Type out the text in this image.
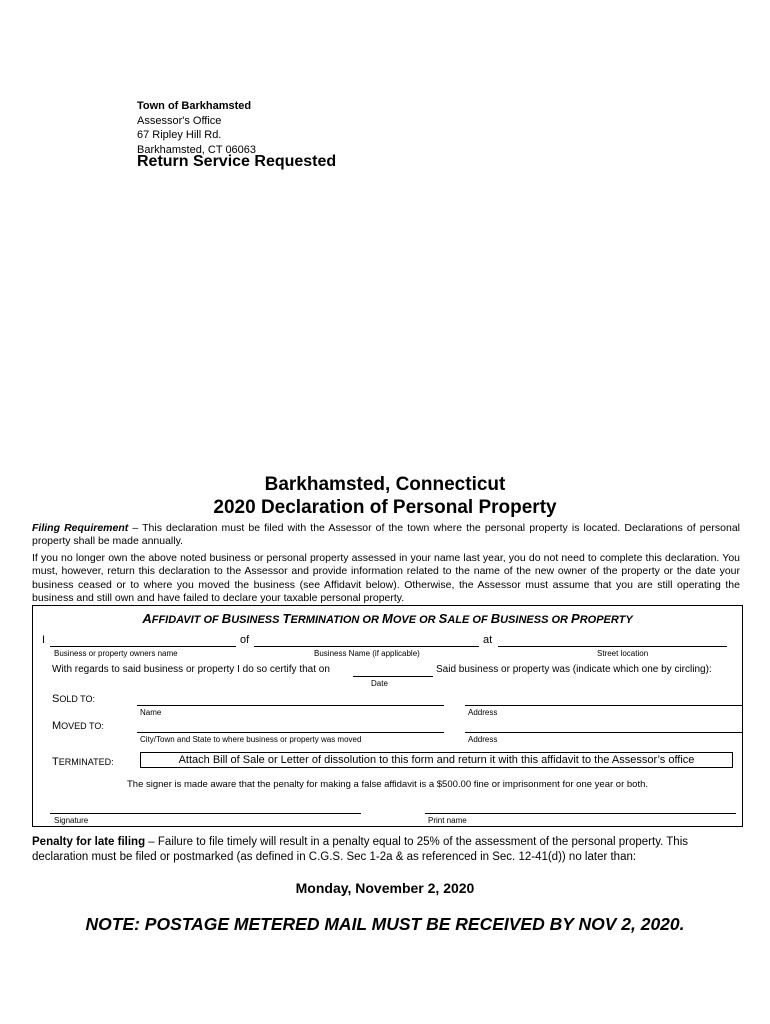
Town of Barkhamsted
Assessor's Office
67 Ripley Hill Rd.
Barkhamsted, CT 06063
Return Service Requested
Barkhamsted, Connecticut
2020 Declaration of Personal Property
Filing Requirement – This declaration must be filed with the Assessor of the town where the personal property is located. Declarations of personal property shall be made annually.
If you no longer own the above noted business or personal property assessed in your name last year, you do not need to complete this declaration. You must, however, return this declaration to the Assessor and provide information related to the name of the new owner of the property or the date your business ceased or to where you moved the business (see Affidavit below). Otherwise, the Assessor must assume that you are still operating the business and still own and have failed to declare your taxable personal property.
AFFIDAVIT OF BUSINESS TERMINATION OR MOVE OR SALE OF BUSINESS OR PROPERTY
I	of	at
Business or property owners name	Business Name (if applicable)	Street location
With regards to said business or property I do so certify that on	Said business or property was (indicate which one by circling):
Date
SOLD TO:
Name	Address
MOVED TO:
City/Town and State to where business or property was moved	Address
TERMINATED:	Attach Bill of Sale or Letter of dissolution to this form and return it with this affidavit to the Assessor’s office
The signer is made aware that the penalty for making a false affidavit is a $500.00 fine or imprisonment for one year or both.
Signature	Print name
Penalty for late filing – Failure to file timely will result in a penalty equal to 25% of the assessment of the personal property. This declaration must be filed or postmarked (as defined in C.G.S. Sec 1-2a & as referenced in Sec. 12-41(d)) no later than:
Monday, November 2, 2020
NOTE: POSTAGE METERED MAIL MUST BE RECEIVED BY NOV 2, 2020.
